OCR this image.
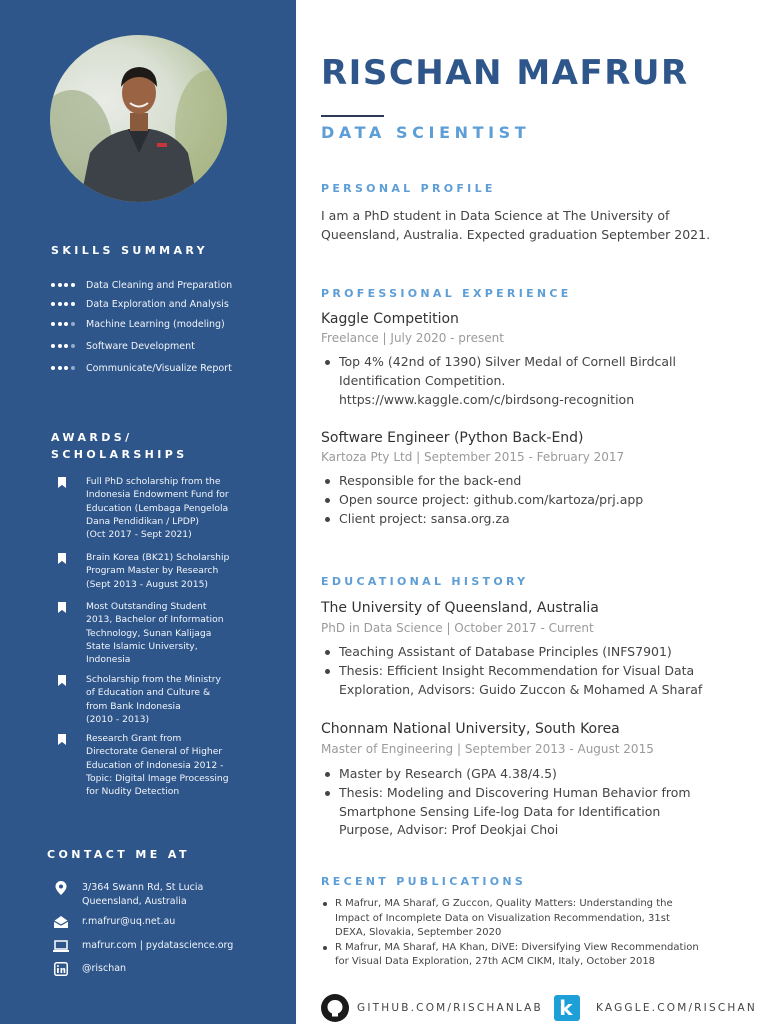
SKILLS SUMMARY
Data Cleaning and Preparation
Data Exploration and Analysis
Machine Learning (modeling)
Software Development
Communicate/Visualize Report
AWARDS/
SCHOLARSHIPS
Full PhD scholarship from the
Indonesia Endowment Fund for
Education (Lembaga Pengelola
Dana Pendidikan / LPDP)
(Oct 2017 - Sept 2021)
Brain Korea (BK21) Scholarship
Program Master by Research
(Sept 2013 - August 2015)
Most Outstanding Student
2013, Bachelor of Information
Technology, Sunan Kalijaga
State Islamic University,
Indonesia
Scholarship from the Ministry
of Education and Culture &
from Bank Indonesia
(2010 - 2013)
Research Grant from
Directorate General of Higher
Education of Indonesia 2012 -
Topic: Digital Image Processing
for Nudity Detection
CONTACT ME AT
3/364 Swann Rd, St Lucia
Queensland, Australia
r.mafrur@uq.net.au
mafrur.com | pydatascience.org
@rischan
RISCHAN MAFRUR
DATA SCIENTIST
PERSONAL PROFILE
I am a PhD student in Data Science at The University of Queensland, Australia. Expected graduation September 2021.
PROFESSIONAL EXPERIENCE
Kaggle Competition
Freelance | July 2020 - present
Top 4% (42nd of 1390) Silver Medal of Cornell Birdcall
Identification Competition.
https://www.kaggle.com/c/birdsong-recognition
Software Engineer (Python Back-End)
Kartoza Pty Ltd | September 2015 - February 2017
Responsible for the back-end
Open source project: github.com/kartoza/prj.app
Client project: sansa.org.za
EDUCATIONAL HISTORY
The University of Queensland, Australia
PhD in Data Science | October 2017 - Current
Teaching Assistant of Database Principles (INFS7901)
Thesis: Efficient Insight Recommendation for Visual Data
Exploration, Advisors: Guido Zuccon & Mohamed A Sharaf
Chonnam National University, South Korea
Master of Engineering | September 2013 - August 2015
Master by Research (GPA 4.38/4.5)
Thesis: Modeling and Discovering Human Behavior from
Smartphone Sensing Life-log Data for Identification
Purpose, Advisor: Prof Deokjai Choi
RECENT PUBLICATIONS
R Mafrur, MA Sharaf, G Zuccon, Quality Matters: Understanding the
Impact of Incomplete Data on Visualization Recommendation, 31st
DEXA, Slovakia, September 2020
R Mafrur, MA Sharaf, HA Khan, DiVE: Diversifying View Recommendation
for Visual Data Exploration, 27th ACM CIKM, Italy, October 2018
GITHUB.COM/RISCHANLAB k	KAGGLE.COM/RISCHAN
